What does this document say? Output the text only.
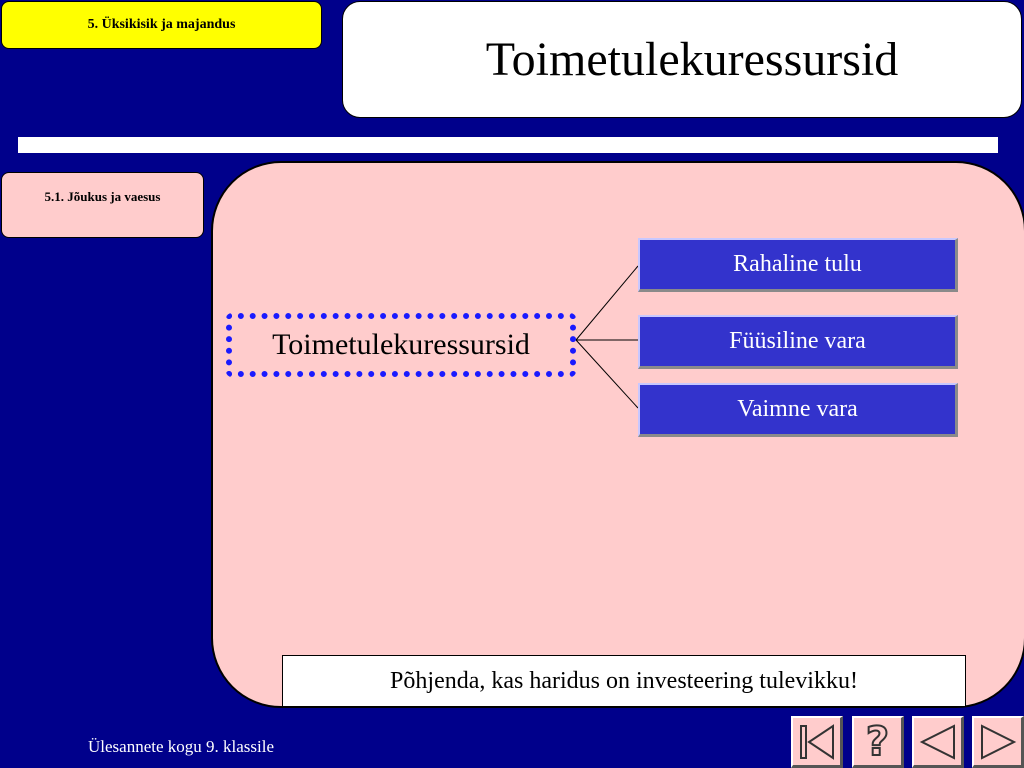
5. Üksikisik ja majandus
Toimetulekuressursid
5.1. Jõukus ja vaesus
Toimetulekuressursid
Rahaline tulu
Füüsiline vara
Vaimne vara
Põhjenda, kas haridus on investeering tulevikku!
Ülesannete kogu 9. klassile	?
